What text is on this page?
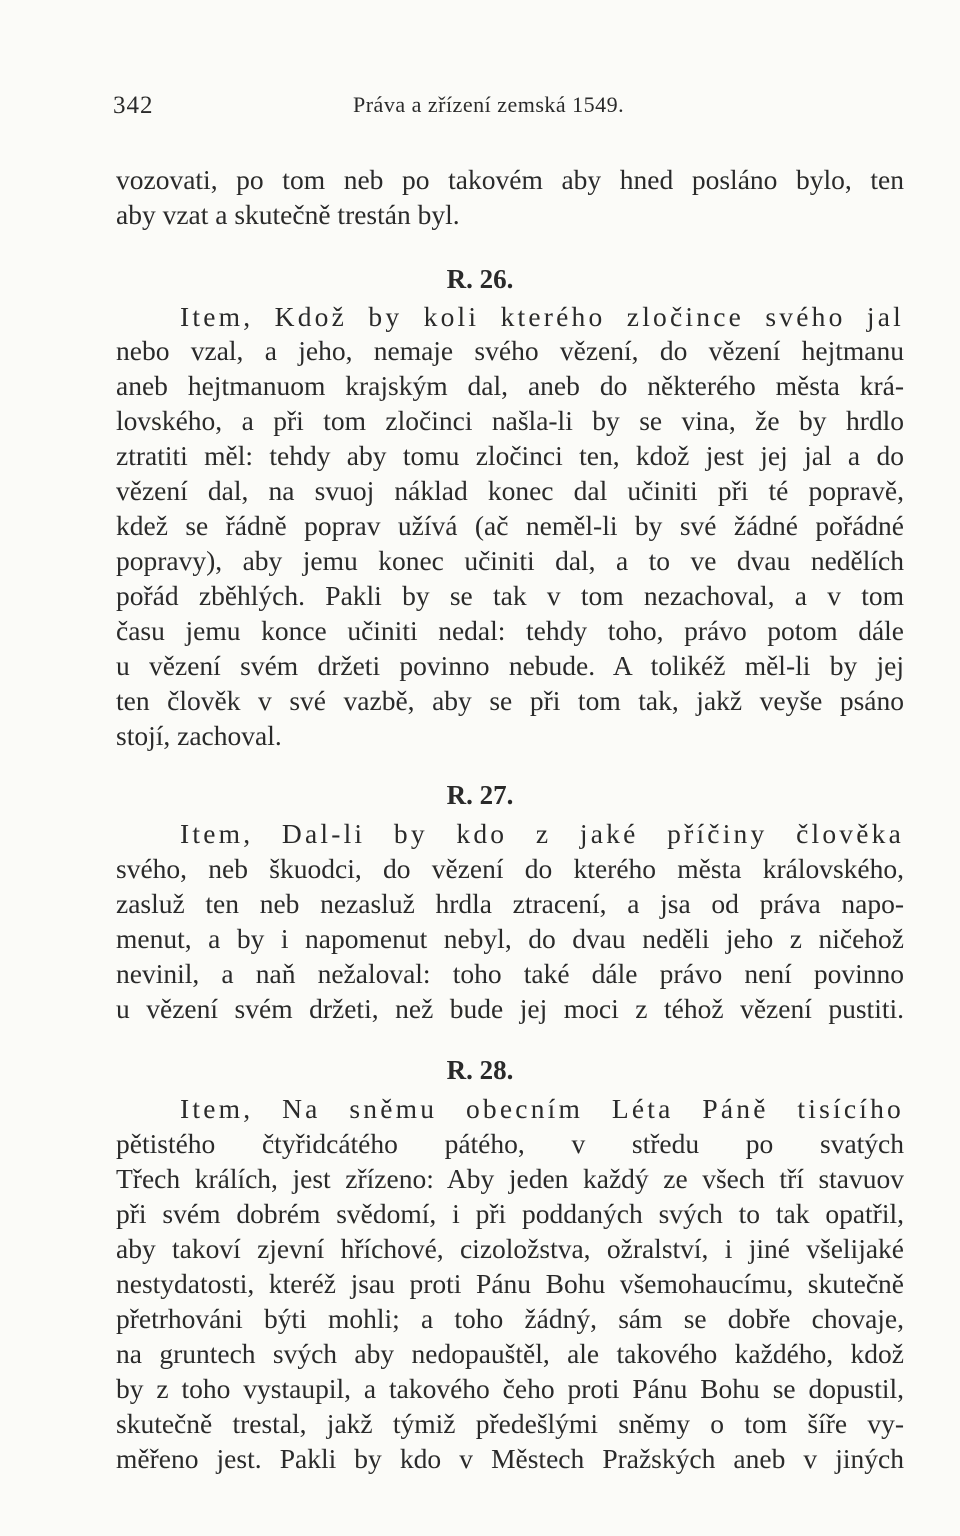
342	Práva a zřízení zemská 1549.
vozovati, po tom neb po takovém aby hned posláno bylo, ten
aby vzat a skutečně trestán byl.
R. 26.
Item, Kdož by koli kterého zločince svého jal
nebo vzal, a jeho, nemaje svého vězení, do vězení hejtmanu
aneb hejtmanuom krajským dal, aneb do některého města krá-
lovského, a při tom zločinci našla-li by se vina, že by hrdlo
ztratiti měl: tehdy aby tomu zločinci ten, kdož jest jej jal a do
vězení dal, na svuoj náklad konec dal učiniti při té popravě,
kdež se řádně poprav užívá (ač neměl-li by své žádné pořádné
popravy), aby jemu konec učiniti dal, a to ve dvau nedělích
pořád zběhlých. Pakli by se tak v tom nezachoval, a v tom
času jemu konce učiniti nedal: tehdy toho, právo potom dále
u vězení svém držeti povinno nebude. A tolikéž měl-li by jej
ten člověk v své vazbě, aby se při tom tak, jakž veyše psáno
stojí, zachoval.
R. 27.
Item, Dal-li by kdo z jaké příčiny člověka
svého, neb škuodci, do vězení do kterého města královského,
zasluž ten neb nezasluž hrdla ztracení, a jsa od práva napo-
menut, a by i napomenut nebyl, do dvau neděli jeho z ničehož
nevinil, a naň nežaloval: toho také dále právo není povinno
u vězení svém držeti, než bude jej moci z téhož vězení pustiti.
R. 28.
Item, Na sněmu obecním Léta Páně tisícího
pětistého čtyřidcátého pátého, v středu po svatých
Třech králích, jest zřízeno: Aby jeden každý ze všech tří stavuov
při svém dobrém svědomí, i při poddaných svých to tak opatřil,
aby takoví zjevní hříchové, cizoložstva, ožralství, i jiné všelijaké
nestydatosti, kteréž jsau proti Pánu Bohu všemohaucímu, skutečně
přetrhováni býti mohli; a toho žádný, sám se dobře chovaje,
na gruntech svých aby nedopauštěl, ale takového každého, kdož
by z toho vystaupil, a takového čeho proti Pánu Bohu se dopustil,
skutečně trestal, jakž týmiž předešlými sněmy o tom šíře vy-
měřeno jest. Pakli by kdo v Městech Pražských aneb v jiných
